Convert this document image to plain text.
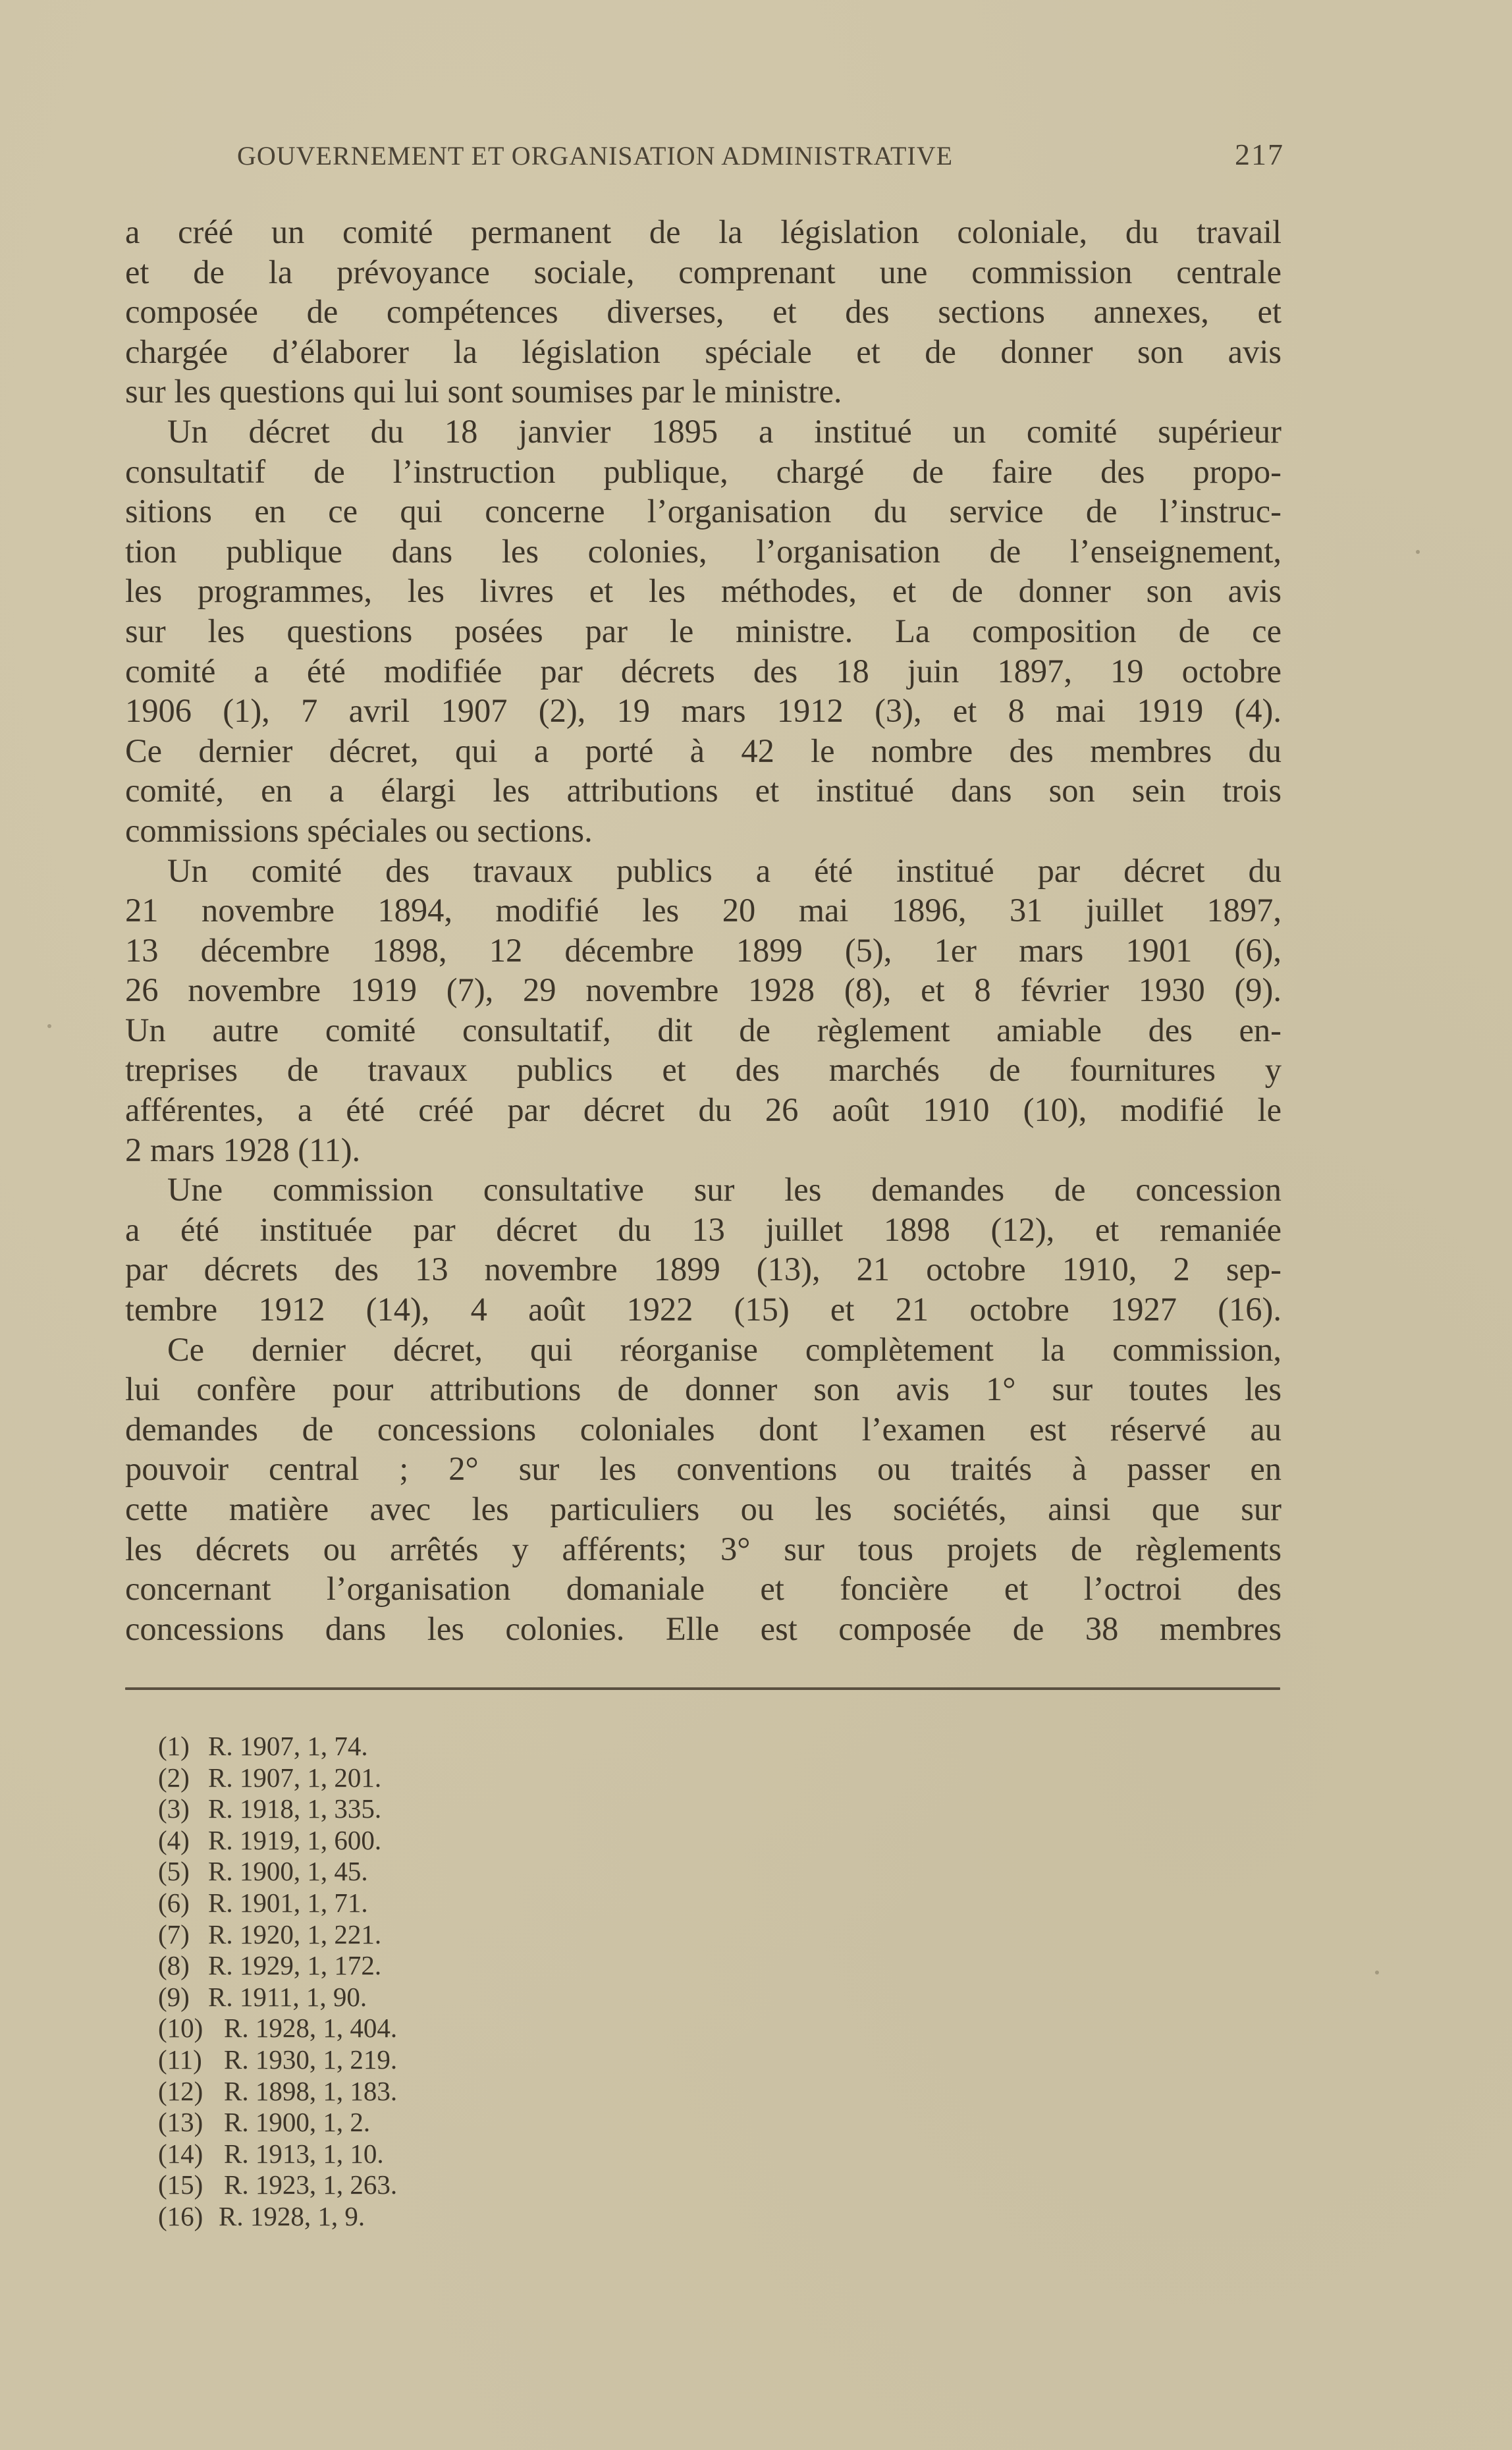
GOUVERNEMENT ET ORGANISATION ADMINISTRATIVE	217
a créé un comité permanent de la législation coloniale, du travail
et de la prévoyance sociale, comprenant une commission centrale
composée de compétences diverses, et des sections annexes, et
chargée d’élaborer la législation spéciale et de donner son avis
sur les questions qui lui sont soumises par le ministre.
Un décret du 18 janvier 1895 a institué un comité supérieur
consultatif de l’instruction publique, chargé de faire des propo-
sitions en ce qui concerne l’organisation du service de l’instruc-
tion publique dans les colonies, l’organisation de l’enseignement,
les programmes, les livres et les méthodes, et de donner son avis
sur les questions posées par le ministre. La composition de ce
comité a été modifiée par décrets des 18 juin 1897, 19 octobre
1906 (1), 7 avril 1907 (2), 19 mars 1912 (3), et 8 mai 1919 (4).
Ce dernier décret, qui a porté à 42 le nombre des membres du
comité, en a élargi les attributions et institué dans son sein trois
commissions spéciales ou sections.
Un comité des travaux publics a été institué par décret du
21 novembre 1894, modifié les 20 mai 1896, 31 juillet 1897,
13 décembre 1898, 12 décembre 1899 (5), 1er mars 1901 (6),
26 novembre 1919 (7), 29 novembre 1928 (8), et 8 février 1930 (9).
Un autre comité consultatif, dit de règlement amiable des en-
treprises de travaux publics et des marchés de fournitures y
afférentes, a été créé par décret du 26 août 1910 (10), modifié le
2 mars 1928 (11).
Une commission consultative sur les demandes de concession
a été instituée par décret du 13 juillet 1898 (12), et remaniée
par décrets des 13 novembre 1899 (13), 21 octobre 1910, 2 sep-
tembre 1912 (14), 4 août 1922 (15) et 21 octobre 1927 (16).
Ce dernier décret, qui réorganise complètement la commission,
lui confère pour attributions de donner son avis 1° sur toutes les
demandes de concessions coloniales dont l’examen est réservé au
pouvoir central ; 2° sur les conventions ou traités à passer en
cette matière avec les particuliers ou les sociétés, ainsi que sur
les décrets ou arrêtés y afférents; 3° sur tous projets de règlements
concernant l’organisation domaniale et foncière et l’octroi des
concessions dans les colonies. Elle est composée de 38 membres
(1) R. 1907, 1, 74.
(2) R. 1907, 1, 201.
(3) R. 1918, 1, 335.
(4) R. 1919, 1, 600.
(5) R. 1900, 1, 45.
(6) R. 1901, 1, 71.
(7) R. 1920, 1, 221.
(8) R. 1929, 1, 172.
(9) R. 1911, 1, 90.
(10) R. 1928, 1, 404.
(11) R. 1930, 1, 219.
(12) R. 1898, 1, 183.
(13) R. 1900, 1, 2.
(14) R. 1913, 1, 10.
(15) R. 1923, 1, 263.
(16) R. 1928, 1, 9.
